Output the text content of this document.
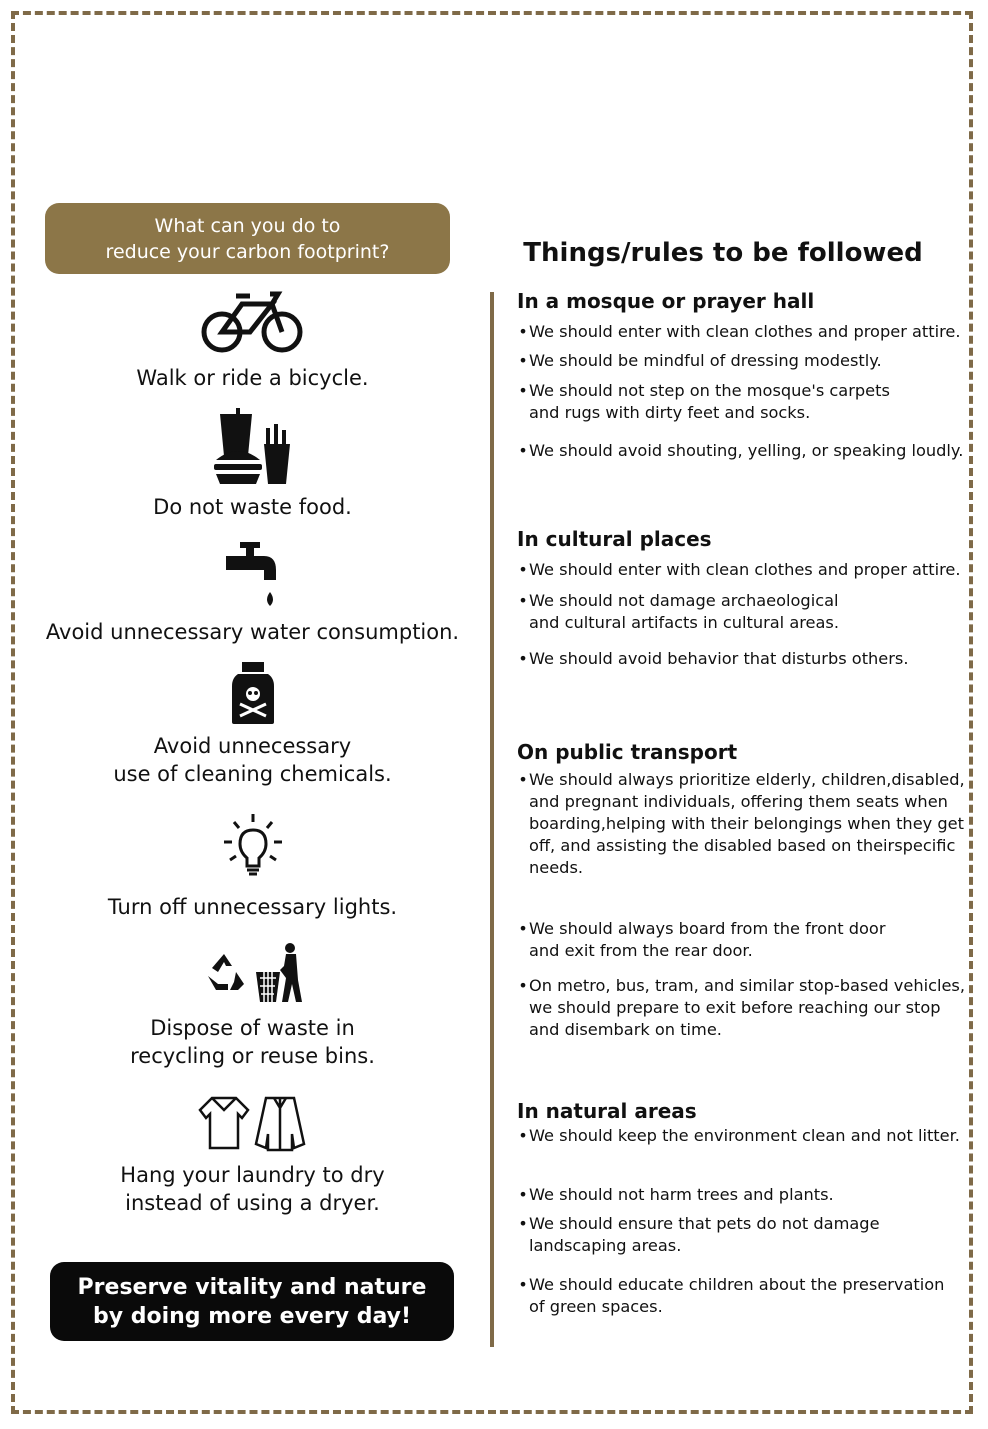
What can you do to
reduce your carbon footprint?
Walk or ride a bicycle.
Do not waste food.
Avoid unnecessary water consumption.
Avoid unnecessary
use of cleaning chemicals.
Turn off unnecessary lights.
Dispose of waste in
recycling or reuse bins.
Hang your laundry to dry
instead of using a dryer.
Preserve vitality and nature
by doing more every day!
Things/rules to be followed
In a mosque or prayer hall
• We should enter with clean clothes and proper attire.
• We should be mindful of dressing modestly.
• We should not step on the mosque's carpets
and rugs with dirty feet and socks.
• We should avoid shouting, yelling, or speaking loudly.
In cultural places
• We should enter with clean clothes and proper attire.
• We should not damage archaeological
and cultural artifacts in cultural areas.
• We should avoid behavior that disturbs others.
On public transport
• We should always prioritize elderly, children,disabled,
and pregnant individuals, offering them seats when
boarding,helping with their belongings when they get
off, and assisting the disabled based on theirspecific
needs.
• We should always board from the front door
and exit from the rear door.
• On metro, bus, tram, and similar stop-based vehicles,
we should prepare to exit before reaching our stop
and disembark on time.
In natural areas
• We should keep the environment clean and not litter.
• We should not harm trees and plants.
• We should ensure that pets do not damage
landscaping areas.
• We should educate children about the preservation
of green spaces.
